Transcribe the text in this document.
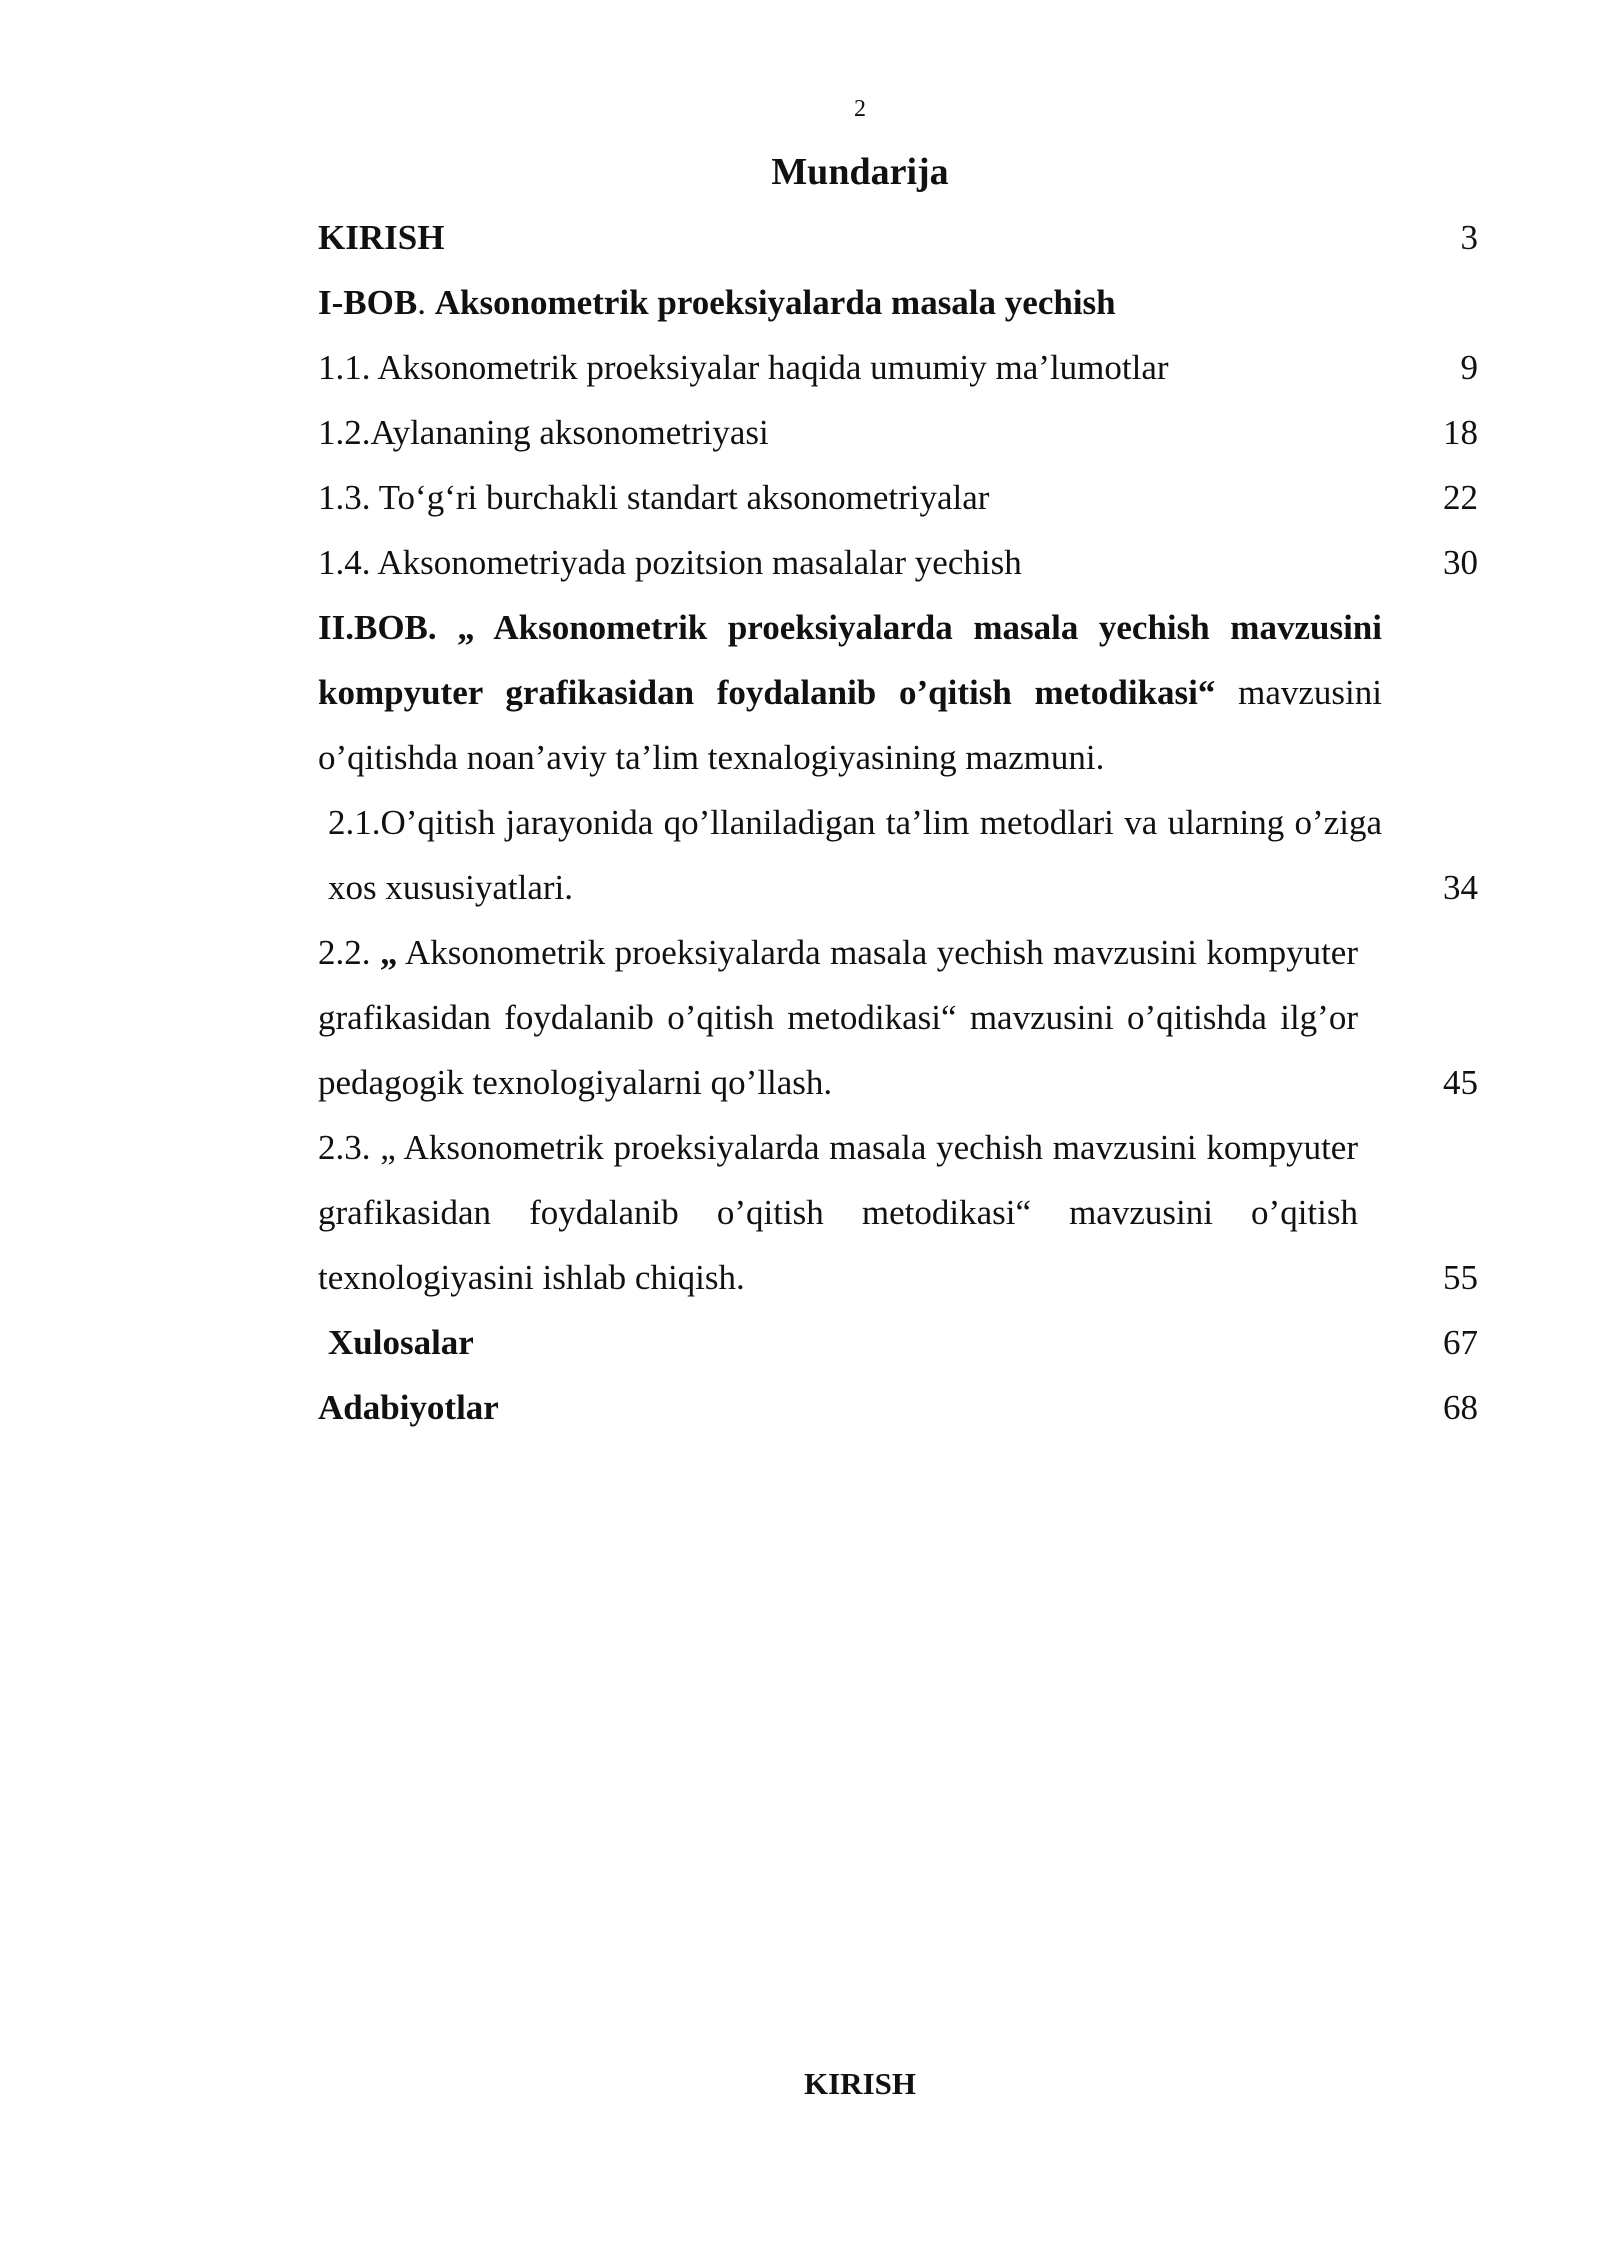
2
Mundarija
KIRISH	3
I-BOB. Aksonometrik proeksiyalarda masala yechish
1.1. Aksonometrik proeksiyalar haqida umumiy ma’lumotlar	9
1.2.Aylananing aksonometriyasi	18
1.3. To‘g‘ri burchakli standart aksonometriyalar	22
1.4. Aksonometriyada pozitsion masalalar yechish	30
II.BOB. „ Aksonometrik proeksiyalarda masala yechish mavzusini kompyuter grafikasidan foydalanib o’qitish metodikasi“ mavzusini o’qitishda noan’aviy ta’lim texnalogiyasining mazmuni.
2.1.O’qitish jarayonida qo’llaniladigan ta’lim metodlari va ularning o’ziga xos xususiyatlari.	34
2.2. „ Aksonometrik proeksiyalarda masala yechish mavzusini kompyuter grafikasidan foydalanib o’qitish metodikasi“ mavzusini o’qitishda ilg’or pedagogik texnologiyalarni qo’llash.	45
2.3. „ Aksonometrik proeksiyalarda masala yechish mavzusini kompyuter grafikasidan foydalanib o’qitish metodikasi“ mavzusini o’qitish texnologiyasini ishlab chiqish.	55
Xulosalar	67
Adabiyotlar	68
KIRISH
